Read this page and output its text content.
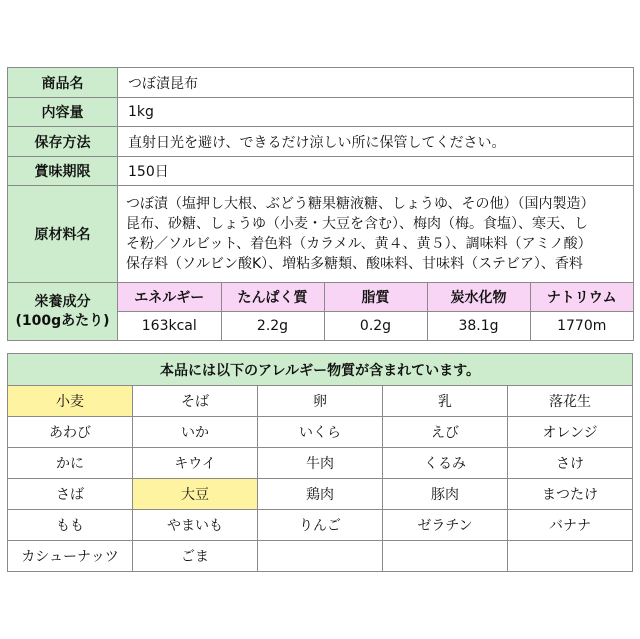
商品名	つぼ漬昆布
内容量	1kg
保存方法	直射日光を避け、できるだけ涼しい所に保管してください。
賞味期限	150日
原材料名	
つぼ漬（塩押し大根、ぶどう糖果糖液糖、しょうゆ、その他）（国内製造）
昆布、砂糖、しょうゆ（小麦・大豆を含む）、梅肉（梅。食塩）、寒天、し
そ粉／ソルビット、着色料（カラメル、黄４、黄５）、調味料（アミノ酸）
保存料（ソルビン酸K）、増粘多糖類、酸味料、甘味料（ステビア）、香料

栄養成分
(100gあたり)

エネルギー	たんぱく質	脂質	炭水化物	ナトリウム
163kcal	2.2g	0.2g	38.1g	1770m
本品には以下のアレルギー物質が含まれています。				
小麦	そば	卵	乳	落花生
あわび	いか	いくら	えび	オレンジ
かに	キウイ	牛肉	くるみ	さけ
さば	大豆	鶏肉	豚肉	まつたけ
もも	やまいも	りんご	ゼラチン	バナナ
カシューナッツ	ごま			
